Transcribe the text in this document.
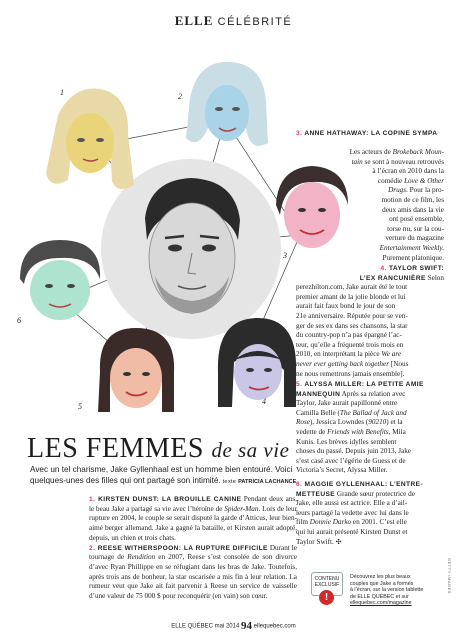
ELLE CÉLÉBRITÉ
1	2
3
6
5
4

3. ANNE HATHAWAY: LA COPINE SYMPA

Les acteurs de Brokeback Moun-

tain se sont à nouveau retrouvés

à l’écran en 2010 dans la

comédie Love & Other

Drugs. Pour la pro-

motion de ce film, les

deux amis dans la vie

ont posé ensemble,

torse nu, sur la cou-

verture du magazine

Entertainment Weekly.

Purement platonique.

4. TAYLOR SWIFT:

L’EX RANCUNIÈRE Selon

perezhilton.com, Jake aurait été le tout

premier amant de la jolie blonde et lui

aurait fait faux bond le jour de son

21e anniversaire. Réputée pour se ven-

ger de ses ex dans ses chansons, la star

du country-pop n’a pas épargné l’ac-

teur, qu’elle a fréquenté trois mois en

2010, en interprétant la pièce We are

never ever getting back together [Nous

ne nous remettrons jamais ensemble].

5. ALYSSA MILLER: LA PETITE AMIE

MANNEQUIN Après sa relation avec

Taylor, Jake aurait papillonné entre

Camilla Belle (The Ballad of Jack and

Rose), Jessica Lowndes (90210) et la

vedette de Friends with Benefits, Mila

Kunis. Les brèves idylles semblent

choses du passé. Depuis juin 2013, Jake

s’est casé avec l’égérie de Guess et de

Victoria’s Secret, Alyssa Miller.

6. MAGGIE GYLLENHAAL: L’ENTRE-

METTEUSE Grande sœur protectrice de

Jake, elle aussi est actrice. Elle a d’ail-

leurs partagé la vedette avec lui dans le

film Donnie Darko en 2001. C’est elle

qui lui aurait présenté Kirsten Dunst et

Taylor Swift. ✣

LES FEMMES de sa vie
Avec un tel charisme, Jake Gyllenhaal est un homme bien entouré. Voici
quelques-unes des filles qui ont partagé son intimité. texte PATRICIA LACHANCE

1. KIRSTEN DUNST: LA BROUILLE CANINE Pendant deux ans, le beau Jake a partagé sa vie avec l’héroïne de Spider-Man. Lors de leur rupture en 2004, le couple se serait disputé la garde d’Atticus, leur bien-aimé berger allemand. Jake a gagné la bataille, et Kirsten aurait adopté, depuis, un chien et trois chats.

2. REESE WITHERSPOON: LA RUPTURE DIFFICILE Durant le tournage de Rendition en 2007, Reese s’est consolée de son divorce d’avec Ryan Phillippe en se réfugiant dans les bras de Jake. Toutefois, après trois ans de bonheur, la star oscarisée a mis fin à leur relation. La rumeur veut que Jake ait fait parvenir à Reese un service de vaisselle d’une valeur de 75 000 $ pour reconquérir (en vain) son cœur.

CONTENU
EXCLUSIF
!
Découvrez les plus beaux
couples que Jake a formés
à l’écran, sur la version tablette
de ELLE QUÉBEC et sur
ellequebec.com/magazine
GETTY IMAGES
ELLE QUÉBEC mai 2014 94 ellequebec.com
